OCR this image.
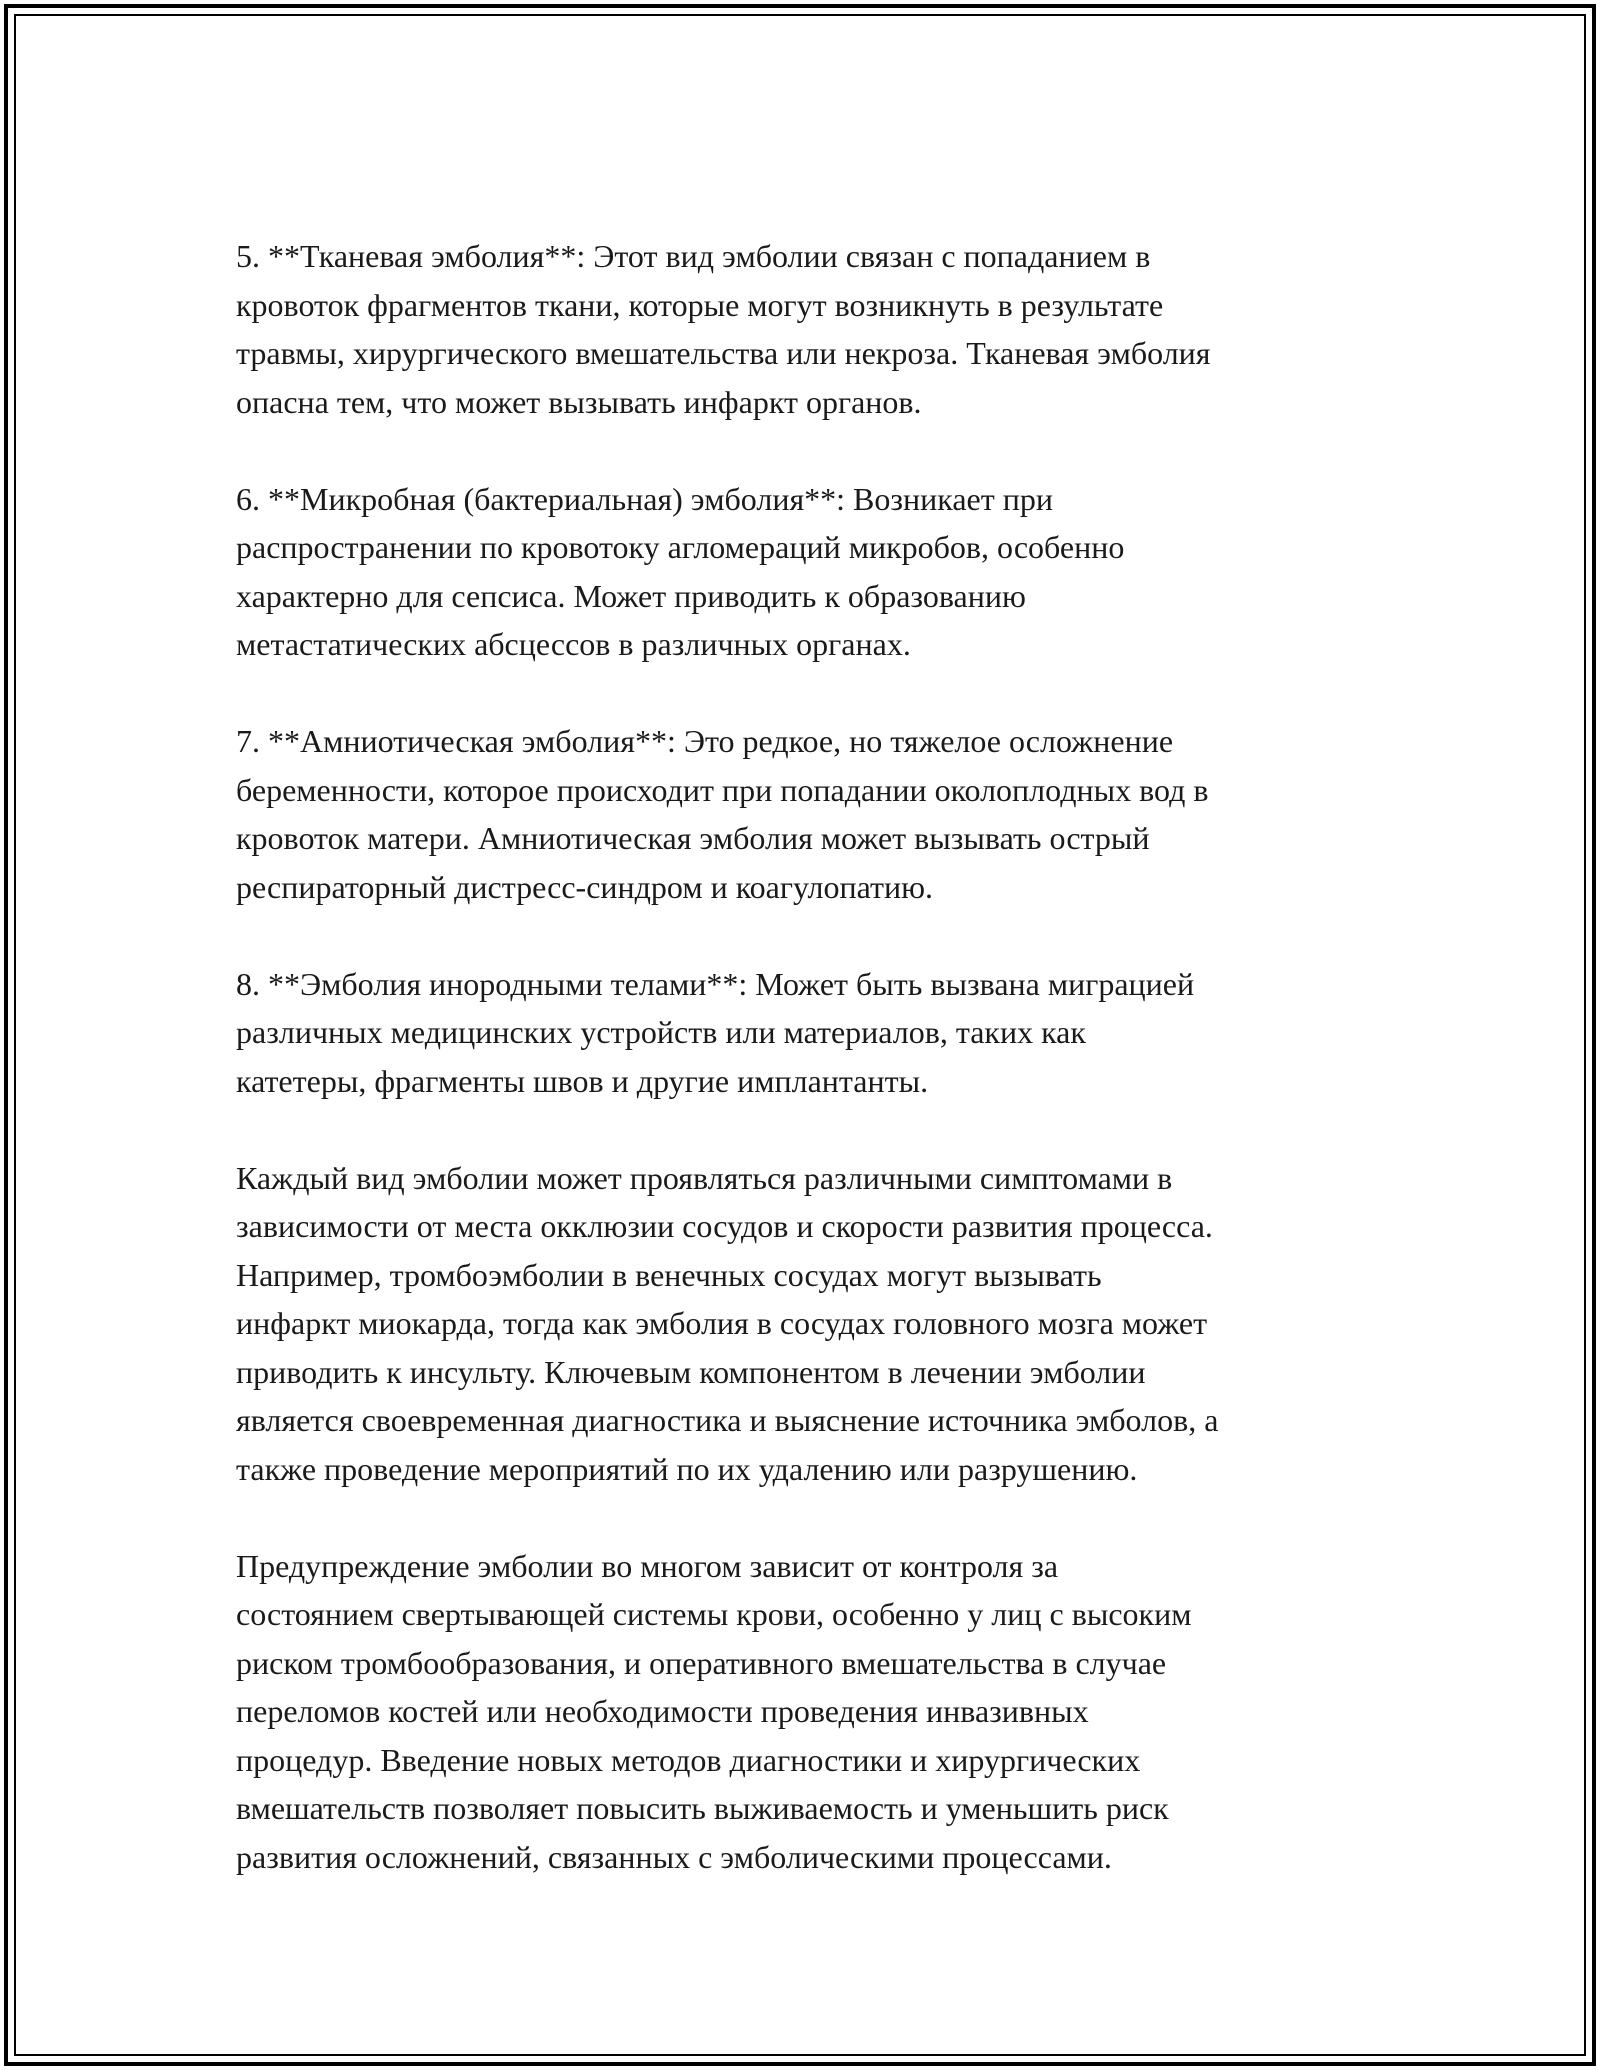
5. **Тканевая эмболия**: Этот вид эмболии связан с попаданием в
кровоток фрагментов ткани, которые могут возникнуть в результате
травмы, хирургического вмешательства или некроза. Тканевая эмболия
опасна тем, что может вызывать инфаркт органов.

6. **Микробная (бактериальная) эмболия**: Возникает при
распространении по кровотоку агломераций микробов, особенно
характерно для сепсиса. Может приводить к образованию
метастатических абсцессов в различных органах.

7. **Амниотическая эмболия**: Это редкое, но тяжелое осложнение
беременности, которое происходит при попадании околоплодных вод в
кровоток матери. Амниотическая эмболия может вызывать острый
респираторный дистресс-синдром и коагулопатию.

8. **Эмболия инородными телами**: Может быть вызвана миграцией
различных медицинских устройств или материалов, таких как
катетеры, фрагменты швов и другие имплантанты.

Каждый вид эмболии может проявляться различными симптомами в
зависимости от места окклюзии сосудов и скорости развития процесса.
Например, тромбоэмболии в венечных сосудах могут вызывать
инфаркт миокарда, тогда как эмболия в сосудах головного мозга может
приводить к инсульту. Ключевым компонентом в лечении эмболии
является своевременная диагностика и выяснение источника эмболов, а
также проведение мероприятий по их удалению или разрушению.

Предупреждение эмболии во многом зависит от контроля за
состоянием свертывающей системы крови, особенно у лиц с высоким
риском тромбообразования, и оперативного вмешательства в случае
переломов костей или необходимости проведения инвазивных
процедур. Введение новых методов диагностики и хирургических
вмешательств позволяет повысить выживаемость и уменьшить риск
развития осложнений, связанных с эмболическими процессами.
